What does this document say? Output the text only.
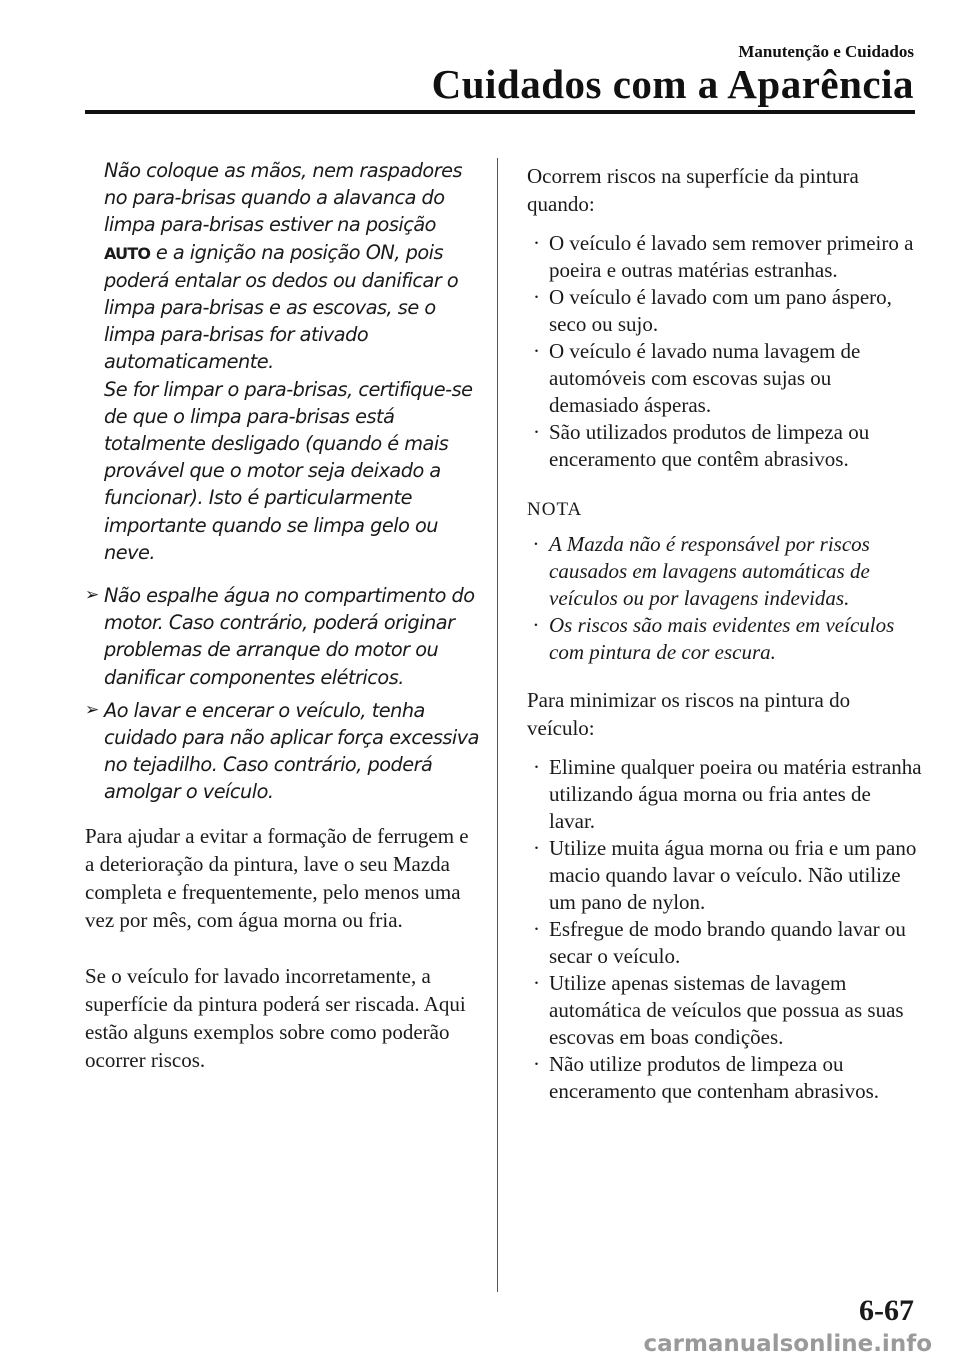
Manutenção e Cuidados
Cuidados com a Aparência
Não coloque as mãos, nem raspadores no para-brisas quando a alavanca do limpa para-brisas estiver na posição AUTO e a ignição na posição ON, pois poderá entalar os dedos ou danificar o limpa para-brisas e as escovas, se o limpa para-brisas for ativado automaticamente.
Se for limpar o para-brisas, certifique-se de que o limpa para-brisas está totalmente desligado (quando é mais provável que o motor seja deixado a funcionar). Isto é particularmente importante quando se limpa gelo ou neve.
➢ Não espalhe água no compartimento do motor. Caso contrário, poderá originar problemas de arranque do motor ou danificar componentes elétricos.
➢ Ao lavar e encerar o veículo, tenha cuidado para não aplicar força excessiva no tejadilho. Caso contrário, poderá amolgar o veículo.

Para ajudar a evitar a formação de ferrugem e a deterioração da pintura, lave o seu Mazda completa e frequentemente, pelo menos uma vez por mês, com água morna ou fria.

Se o veículo for lavado incorretamente, a superfície da pintura poderá ser riscada. Aqui estão alguns exemplos sobre como poderão ocorrer riscos.

Ocorrem riscos na superfície da pintura quando:

· O veículo é lavado sem remover primeiro a poeira e outras matérias estranhas.
· O veículo é lavado com um pano áspero, seco ou sujo.
· O veículo é lavado numa lavagem de automóveis com escovas sujas ou demasiado ásperas.
· São utilizados produtos de limpeza ou enceramento que contêm abrasivos.
NOTA
· A Mazda não é responsável por riscos causados em lavagens automáticas de veículos ou por lavagens indevidas.
· Os riscos são mais evidentes em veículos com pintura de cor escura.

Para minimizar os riscos na pintura do veículo:

· Elimine qualquer poeira ou matéria estranha utilizando água morna ou fria antes de lavar.
· Utilize muita água morna ou fria e um pano macio quando lavar o veículo. Não utilize um pano de nylon.
· Esfregue de modo brando quando lavar ou secar o veículo.
· Utilize apenas sistemas de lavagem automática de veículos que possua as suas escovas em boas condições.
· Não utilize produtos de limpeza ou enceramento que contenham abrasivos.
6-67
carmanualsonline.info
